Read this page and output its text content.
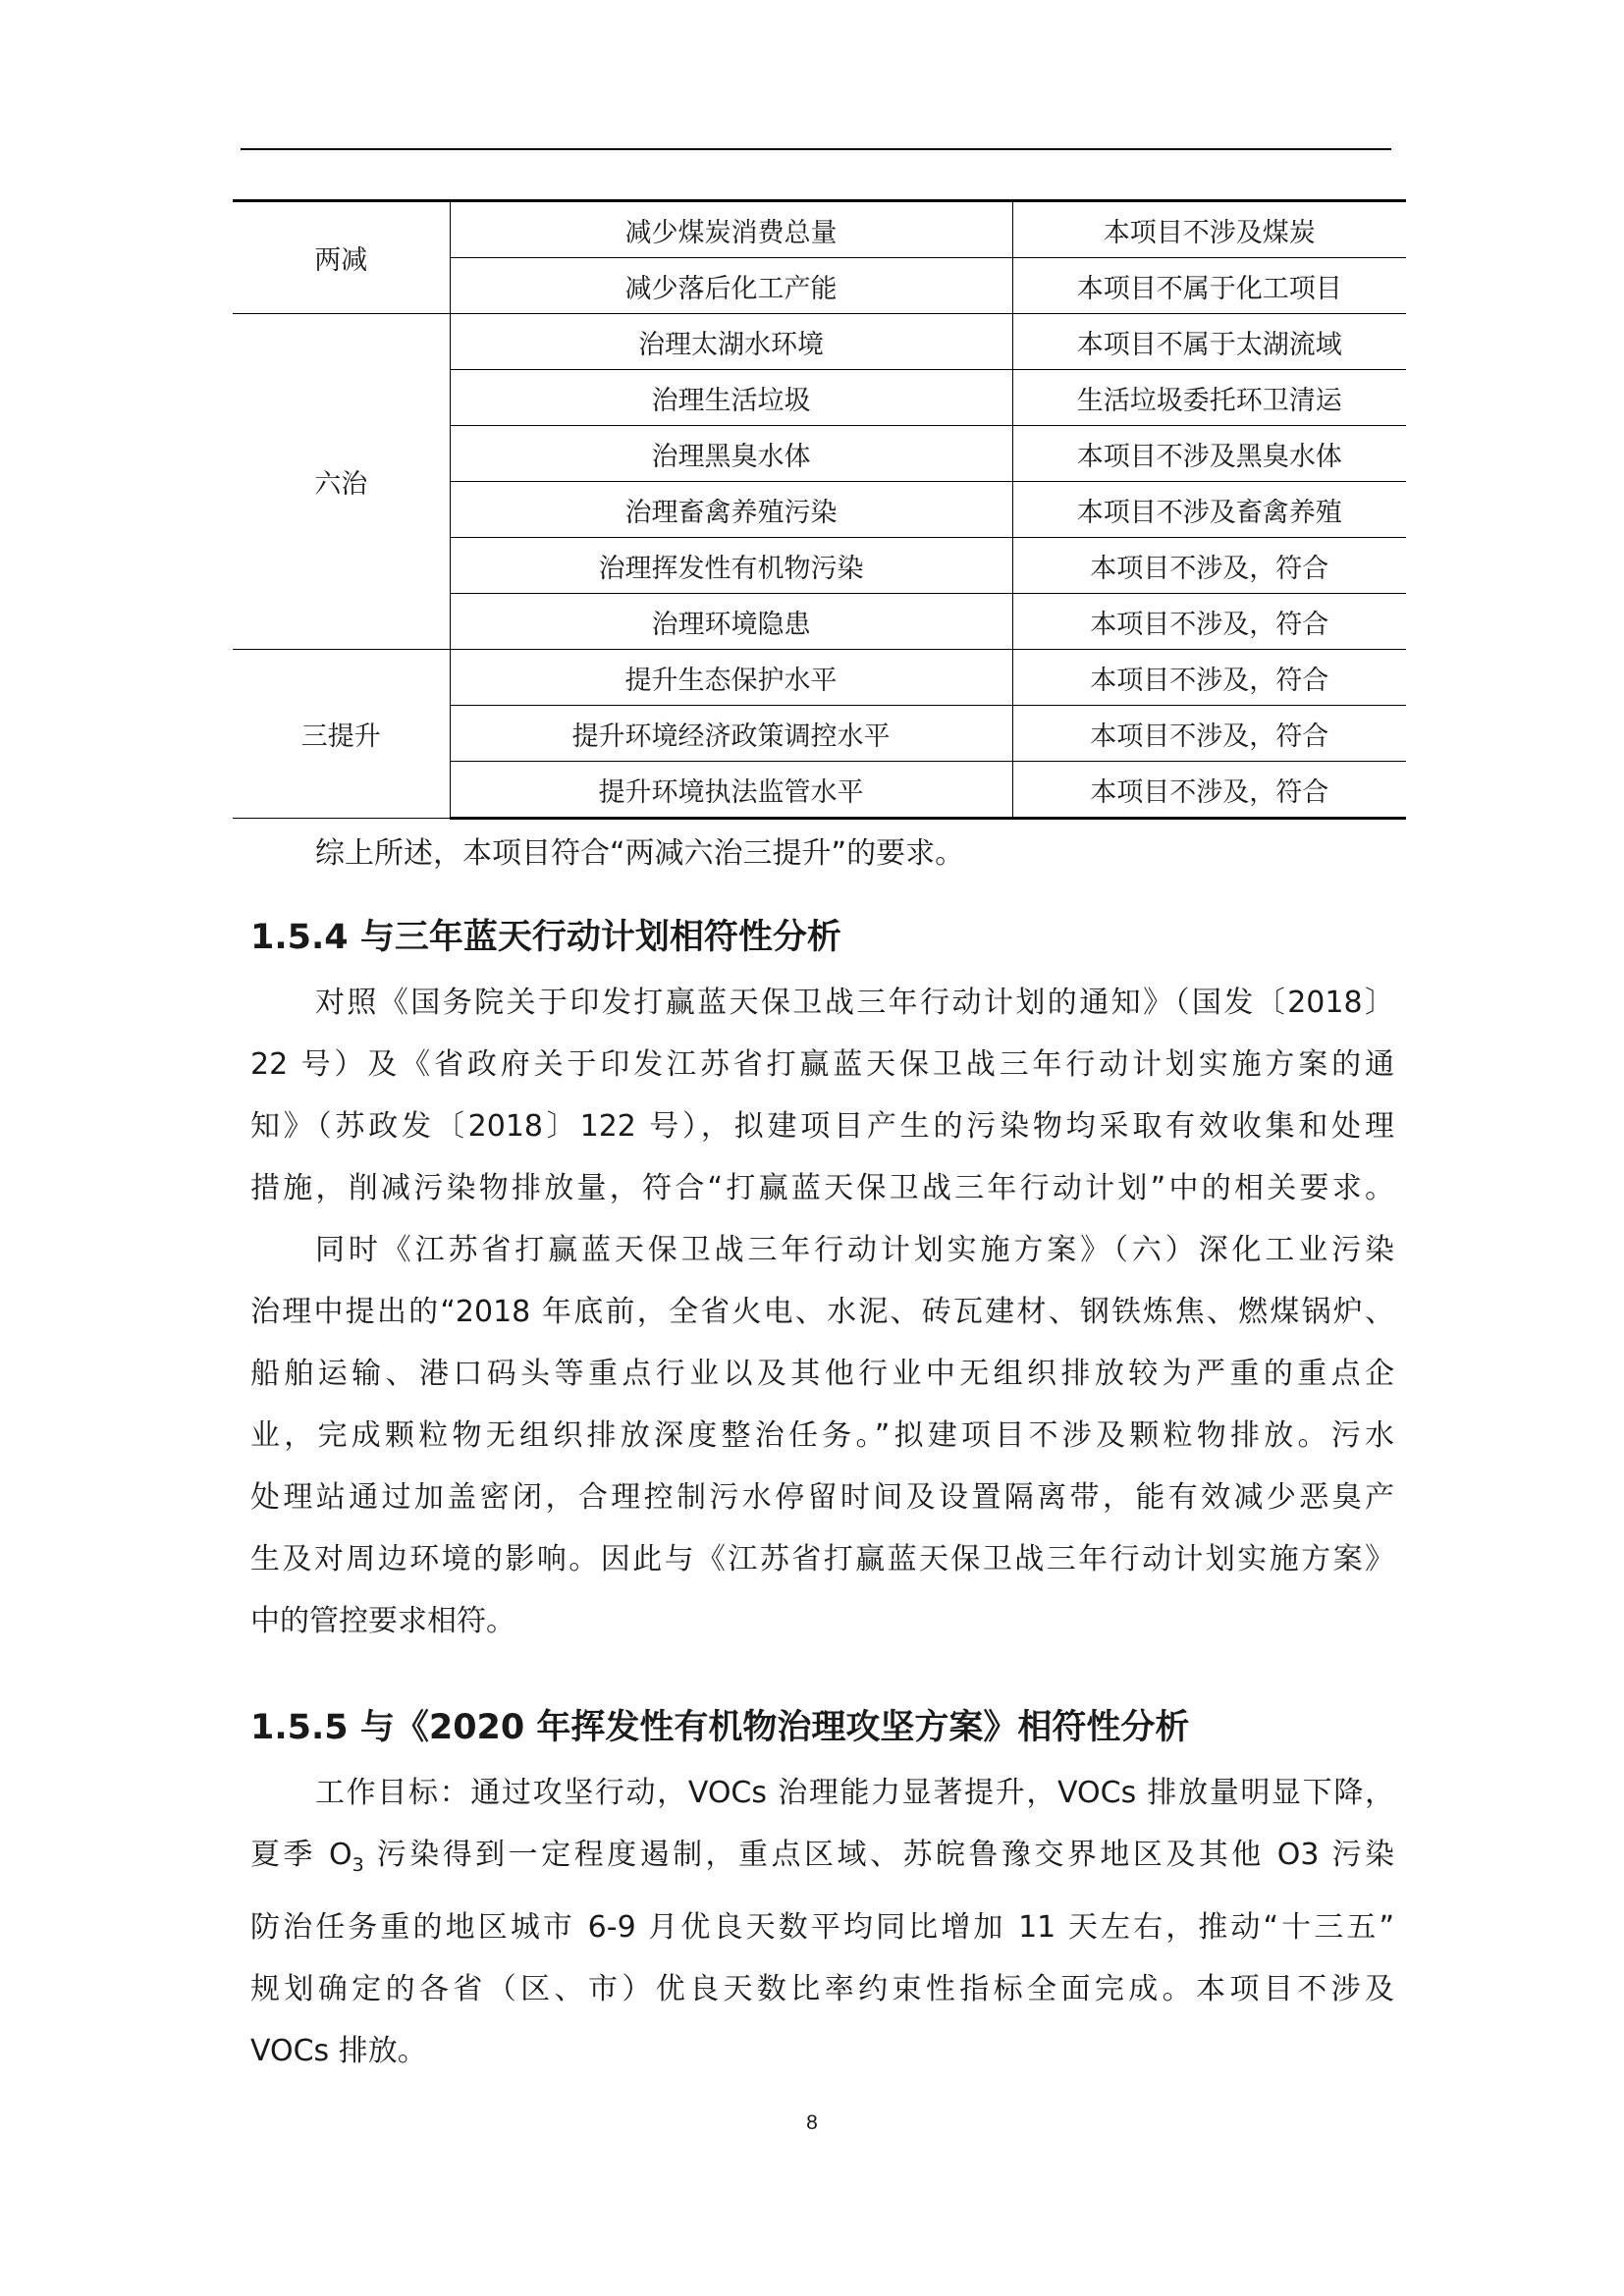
两减	减少煤炭消费总量	本项目不涉及煤炭
	减少落后化工产能	本项目不属于化工项目
六治	治理太湖水环境	本项目不属于太湖流域
	治理生活垃圾	生活垃圾委托环卫清运
	治理黑臭水体	本项目不涉及黑臭水体
	治理畜禽养殖污染	本项目不涉及畜禽养殖
	治理挥发性有机物污染	本项目不涉及，符合
	治理环境隐患	本项目不涉及，符合
三提升	提升生态保护水平	本项目不涉及，符合
	提升环境经济政策调控水平	本项目不涉及，符合
	提升环境执法监管水平	本项目不涉及，符合

综上所述，本项目符合“两减六治三提升”的要求。

1.5.4 与三年蓝天行动计划相符性分析
对照《国务院关于印发打赢蓝天保卫战三年行动计划的通知》（国发〔2018〕
22 号）及《省政府关于印发江苏省打赢蓝天保卫战三年行动计划实施方案的通
知》（苏政发〔2018〕122 号），拟建项目产生的污染物均采取有效收集和处理
措施，削减污染物排放量，符合“打赢蓝天保卫战三年行动计划”中的相关要求。
同时《江苏省打赢蓝天保卫战三年行动计划实施方案》（六）深化工业污染
治理中提出的“2018 年底前，全省火电、水泥、砖瓦建材、钢铁炼焦、燃煤锅炉、
船舶运输、港口码头等重点行业以及其他行业中无组织排放较为严重的重点企
业，完成颗粒物无组织排放深度整治任务。”拟建项目不涉及颗粒物排放。污水
处理站通过加盖密闭，合理控制污水停留时间及设置隔离带，能有效减少恶臭产
生及对周边环境的影响。因此与《江苏省打赢蓝天保卫战三年行动计划实施方案》
中的管控要求相符。
1.5.5 与《2020 年挥发性有机物治理攻坚方案》相符性分析
工作目标：通过攻坚行动，VOCs 治理能力显著提升，VOCs 排放量明显下降，
夏季 $O_3$ 污染得到一定程度遏制，重点区域、苏皖鲁豫交界地区及其他 O3 污染
防治任务重的地区城市 6-9 月优良天数平均同比增加 11 天左右，推动“十三五”
规划确定的各省（区、市）优良天数比率约束性指标全面完成。本项目不涉及
VOCs 排放。
8
